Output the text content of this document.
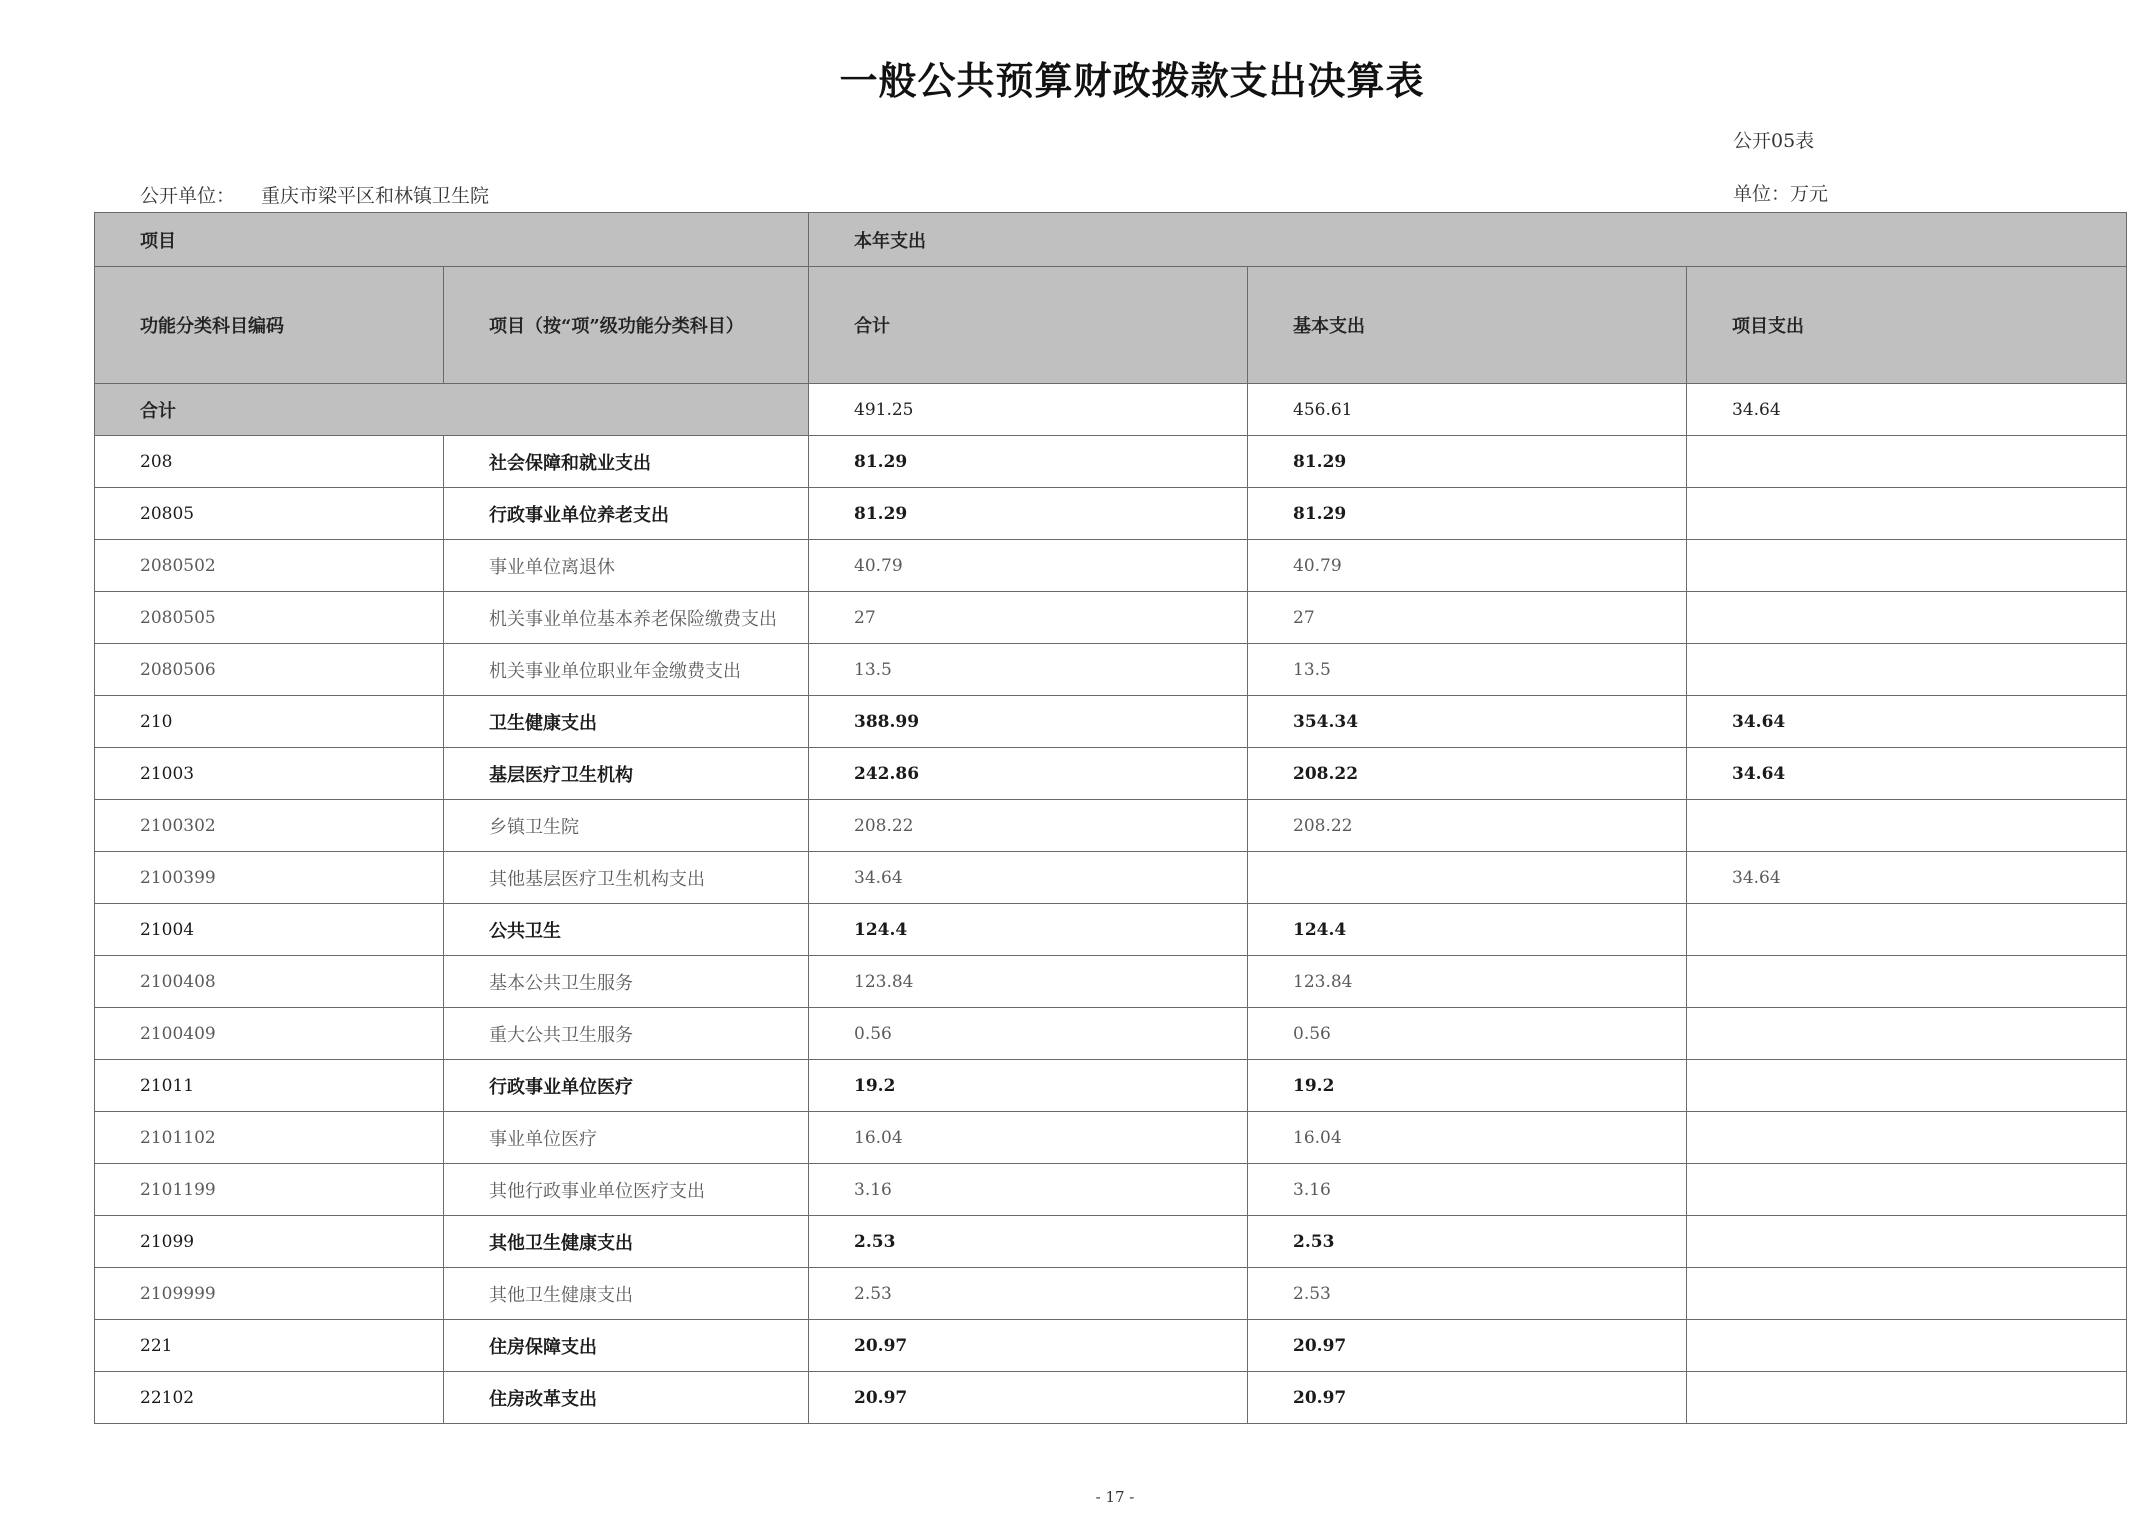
一般公共预算财政拨款支出决算表
公开05表
公开单位： 重庆市梁平区和林镇卫生院	单位：万元
项目		本年支出		
功能分类科目编码	项目（按“项”级功能分类科目）	合计	基本支出	项目支出
合计		491.25	456.61	34.64
208	社会保障和就业支出	81.29	81.29	
20805	行政事业单位养老支出	81.29	81.29	
2080502	事业单位离退休	40.79	40.79	
2080505	机关事业单位基本养老保险缴费支出	27	27	
2080506	机关事业单位职业年金缴费支出	13.5	13.5	
210	卫生健康支出	388.99	354.34	34.64
21003	基层医疗卫生机构	242.86	208.22	34.64
2100302	乡镇卫生院	208.22	208.22	
2100399	其他基层医疗卫生机构支出	34.64		34.64
21004	公共卫生	124.4	124.4	
2100408	基本公共卫生服务	123.84	123.84	
2100409	重大公共卫生服务	0.56	0.56	
21011	行政事业单位医疗	19.2	19.2	
2101102	事业单位医疗	16.04	16.04	
2101199	其他行政事业单位医疗支出	3.16	3.16	
21099	其他卫生健康支出	2.53	2.53	
2109999	其他卫生健康支出	2.53	2.53	
221	住房保障支出	20.97	20.97	
22102	住房改革支出	20.97	20.97	
- 17 -
